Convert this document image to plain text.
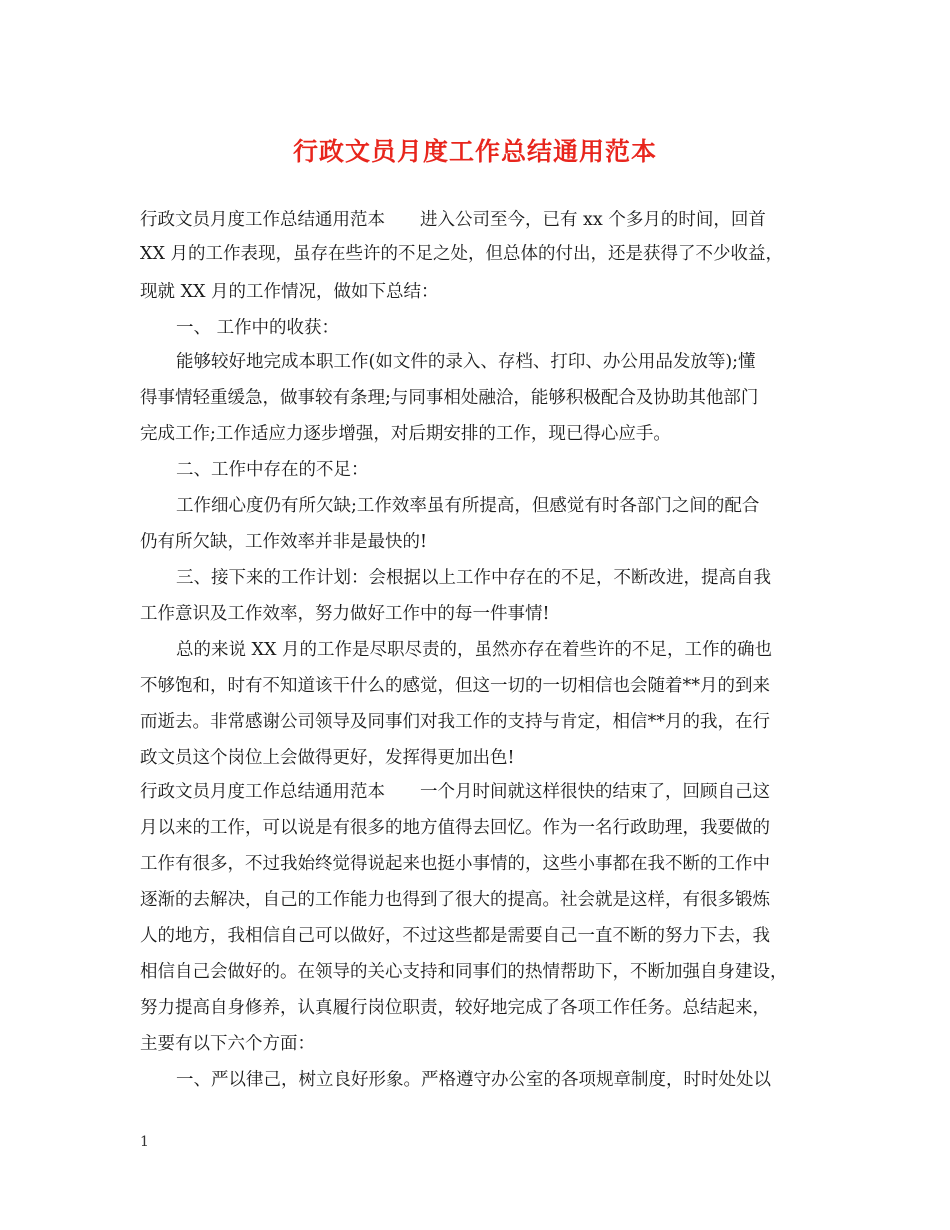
行政文员月度工作总结通用范本
行政文员月度工作总结通用范本　　进入公司至今，已有 xx 个多月的时间，回首
XX 月的工作表现，虽存在些许的不足之处，但总体的付出，还是获得了不少收益，
现就 XX 月的工作情况，做如下总结：
一、 工作中的收获：
能够较好地完成本职工作(如文件的录入、存档、打印、办公用品发放等);懂
得事情轻重缓急，做事较有条理;与同事相处融洽，能够积极配合及协助其他部门
完成工作;工作适应力逐步增强，对后期安排的工作，现已得心应手。
二、工作中存在的不足：
工作细心度仍有所欠缺;工作效率虽有所提高，但感觉有时各部门之间的配合
仍有所欠缺，工作效率并非是最快的!
三、接下来的工作计划：会根据以上工作中存在的不足，不断改进，提高自我
工作意识及工作效率，努力做好工作中的每一件事情!
总的来说 XX 月的工作是尽职尽责的，虽然亦存在着些许的不足，工作的确也
不够饱和，时有不知道该干什么的感觉，但这一切的一切相信也会随着**月的到来
而逝去。非常感谢公司领导及同事们对我工作的支持与肯定，相信**月的我，在行
政文员这个岗位上会做得更好，发挥得更加出色!
行政文员月度工作总结通用范本　　一个月时间就这样很快的结束了，回顾自己这
月以来的工作，可以说是有很多的地方值得去回忆。作为一名行政助理，我要做的
工作有很多，不过我始终觉得说起来也挺小事情的，这些小事都在我不断的工作中
逐渐的去解决，自己的工作能力也得到了很大的提高。社会就是这样，有很多锻炼
人的地方，我相信自己可以做好，不过这些都是需要自己一直不断的努力下去，我
相信自己会做好的。在领导的关心支持和同事们的热情帮助下，不断加强自身建设，
努力提高自身修养，认真履行岗位职责，较好地完成了各项工作任务。总结起来，
主要有以下六个方面：
一、严以律己，树立良好形象。严格遵守办公室的各项规章制度，时时处处以
1
